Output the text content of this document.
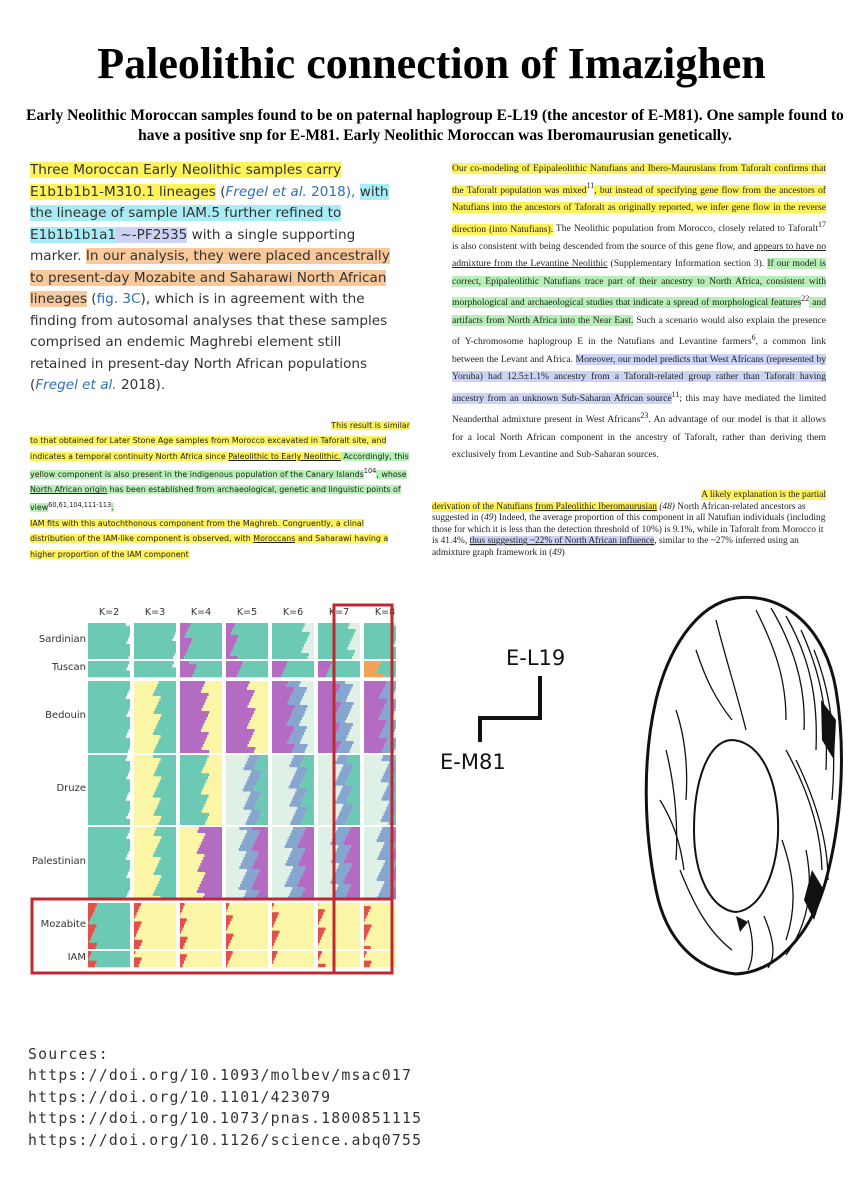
Paleolithic connection of Imazighen
Early Neolithic Moroccan samples found to be on paternal haplogroup E-L19 (the ancestor of E-M81). One sample found to have a positive snp for E-M81. Early Neolithic Moroccan was Iberomaurusian genetically.
Three Moroccan Early Neolithic samples carry E1b1b1b1-M310.1 lineages (Fregel et al. 2018), with the lineage of sample IAM.5 further refined to E1b1b1b1a1 ~-PF2535 with a single supporting marker. In our analysis, they were placed ancestrally to present-day Mozabite and Saharawi North African lineages (fig. 3C), which is in agreement with the finding from autosomal analyses that these samples comprised an endemic Maghrebi element still retained in present-day North African populations (Fregel et al. 2018).
Our co-modeling of Epipaleolithic Natufians and Ibero-Maurusians from Taforalt confirms that the Taforalt population was mixed$^{11}$, but instead of specifying gene flow from the ancestors of Natufians into the ancestors of Taforalt as originally reported, we infer gene flow in the reverse direction (into Natufians). The Neolithic population from Morocco, closely related to Taforalt$^{17}$ is also consistent with being descended from the source of this gene flow, and appears to have no admixture from the Levantine Neolithic (Supplementary Information section 3). If our model is correct, Epipaleolithic Natufians trace part of their ancestry to North Africa, consistent with morphological and archaeological studies that indicate a spread of morphological features$^{22}$ and artifacts from North Africa into the Near East. Such a scenario would also explain the presence of Y-chromosome haplogroup E in the Natufians and Levantine farmers$^6$, a common link between the Levant and Africa. Moreover, our model predicts that West Africans (represented by Yoruba) had 12.5±1.1% ancestry from a Taforalt-related group rather than Taforalt having ancestry from an unknown Sub-Saharan African source$^{11}$; this may have mediated the limited Neanderthal admixture present in West Africans$^{23}$. An advantage of our model is that it allows for a local North African component in the ancestry of Taforalt, rather than deriving them exclusively from Levantine and Sub-Saharan sources.
This result is similar
to that obtained for Later Stone Age samples from Morocco excavated in Taforalt site, and indicates a temporal continuity North Africa since Paleolithic to Early Neolithic. Accordingly, this yellow component is also present in the indigenous population of the Canary Islands$^{104}$, whose North African origin has been established from archaeological, genetic and linguistic points of view$^{60,61,104,111-113}$.
IAM fits with this autochthonous component from the Maghreb. Congruently, a clinal distribution of the IAM-like component is observed, with Moroccans and Saharawi having a higher proportion of the IAM component
A likely explanation is the partial
derivation of the Natufians from Paleolithic Iberomaurusian (48) North African-related ancestors as suggested in (49) Indeed, the average proportion of this component in all Natufian individuals (including those for which it is less than the detection threshold of 10%) is 9.1%, while in Taforalt from Morocco it is 41.4%, thus suggesting ~22% of North African influence, similar to the ~27% inferred using an admixture graph framework in (49)
K=2	K=3	K=4	K=5	K=6	K=7	K=8
Sardinian
Tuscan
Bedouin
Druze
Palestinian
Mozabite
IAM
E-L19
E-M81
Sources:
https://doi.org/10.1093/molbev/msac017
https://doi.org/10.1101/423079
https://doi.org/10.1073/pnas.1800851115
https://doi.org/10.1126/science.abq0755
